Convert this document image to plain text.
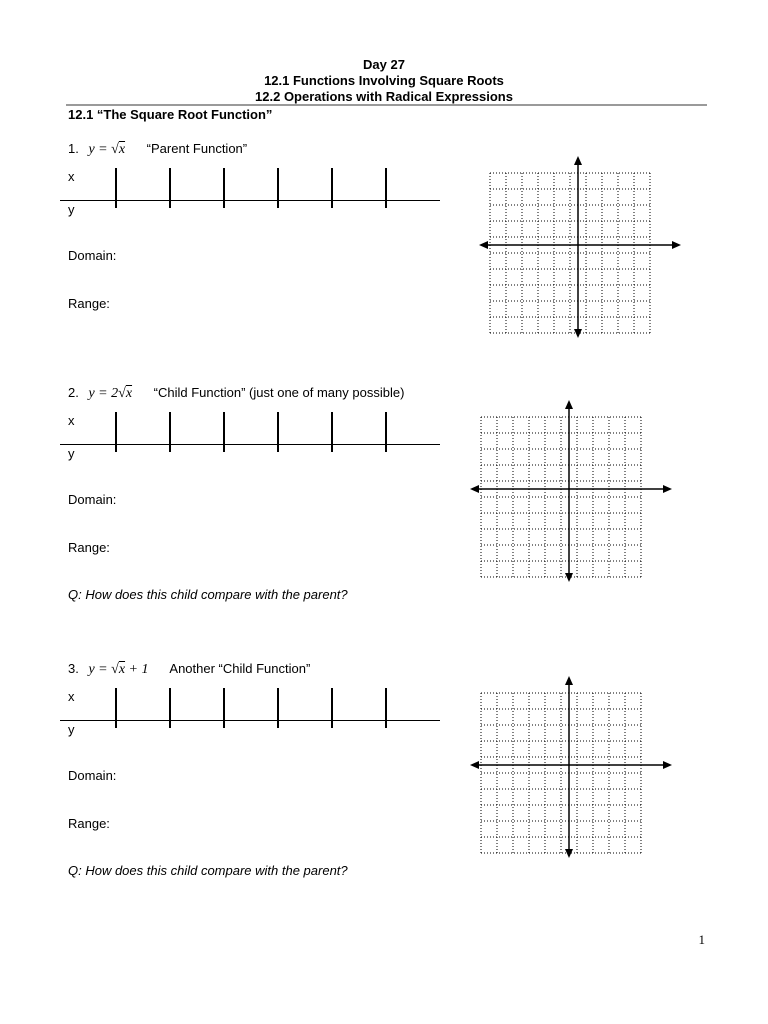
Day 27
12.1 Functions Involving Square Roots
12.2 Operations with Radical Expressions
12.1 “The Square Root Function”
1. y = √x “Parent Function”
x
y
Domain:
Range:
2. y = 2√x “Child Function” (just one of many possible)
x
y
Domain:
Range:
Q: How does this child compare with the parent?
3. y = √x + 1 Another “Child Function”
x
y
Domain:
Range:
Q: How does this child compare with the parent?
1
